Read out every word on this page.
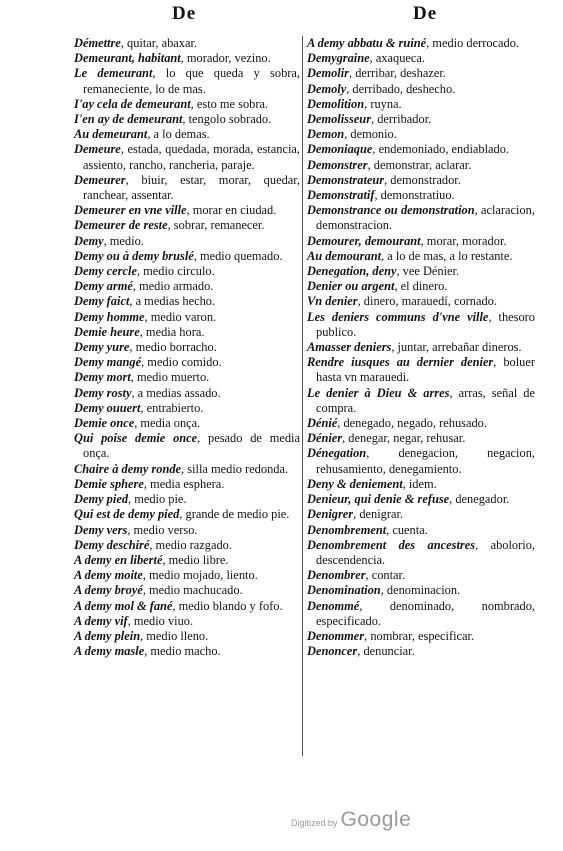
De	De
Démettre, quitar, abaxar.
Demeurant, habitant, morador, vezino.
Le demeurant, lo que queda y sobra, remaneciente, lo de mas.
I'ay cela de demeurant, esto me sobra.
I'en ay de demeurant, tengolo sobrado.
Au demeurant, a lo demas.
Demeure, estada, quedada, morada, estancia, assiento, rancho, rancheria, paraje.
Demeurer, biuir, estar, morar, quedar, ranchear, assentar.
Demeurer en vne ville, morar en ciudad.
Demeurer de reste, sobrar, remanecer.
Demy, medio.
Demy ou à demy bruslé, medio quemado.
Demy cercle, medio circulo.
Demy armé, medio armado.
Demy faict, a medias hecho.
Demy homme, medio varon.
Demie heure, media hora.
Demy yure, medio borracho.
Demy mangé, medio comido.
Demy mort, medio muerto.
Demy rosty, a medias assado.
Demy ouuert, entrabierto.
Demie once, media onça.
Qui poise demie once, pesado de media onça.
Chaire à demy ronde, silla medio redonda.
Demie sphere, media esphera.
Demy pied, medio pie.
Qui est de demy pied, grande de medio pie.
Demy vers, medio verso.
Demy deschiré, medio razgado.
A demy en liberté, medio libre.
A demy moite, medio mojado, liento.
A demy broyé, medio machucado.
A demy mol & fané, medio blando y fofo.
A demy vif, medio viuo.
A demy plein, medio lleno.
A demy masle, medio macho.
A demy abbatu & ruiné, medio derrocado.
Demygraine, axaqueca.
Demolir, derribar, deshazer.
Demoly, derribado, deshecho.
Demolition, ruyna.
Demolisseur, derribador.
Demon, demonio.
Demoniaque, endemoniado, endiablado.
Demonstrer, demonstrar, aclarar.
Demonstrateur, demonstrador.
Demonstratif, demonstratiuo.
Demonstrance ou demonstration, aclaracion, demonstracion.
Demourer, demourant, morar, morador.
Au demourant, a lo de mas, a lo restante.
Denegation, deny, vee Dénier.
Denier ou argent, el dinero.
Vn denier, dinero, marauedí, cornado.
Les deniers communs d'vne ville, thesoro publico.
Amasser deniers, juntar, arrebañar dineros.
Rendre iusques au dernier denier, boluer hasta vn marauedi.
Le denier à Dieu & arres, arras, señal de compra.
Dénié, denegado, negado, rehusado.
Dénier, denegar, negar, rehusar.
Dénegation, denegacion, negacion, rehusamiento, denegamiento.
Deny & deniement, idem.
Denieur, qui denie & refuse, denegador.
Denigrer, denigrar.
Denombrement, cuenta.
Denombrement des ancestres, abolorio, descendencia.
Denombrer, contar.
Denomination, denominacion.
Denommé, denominado, nombrado, especificado.
Denommer, nombrar, especificar.
Denoncer, denunciar.
Digitized by Google
